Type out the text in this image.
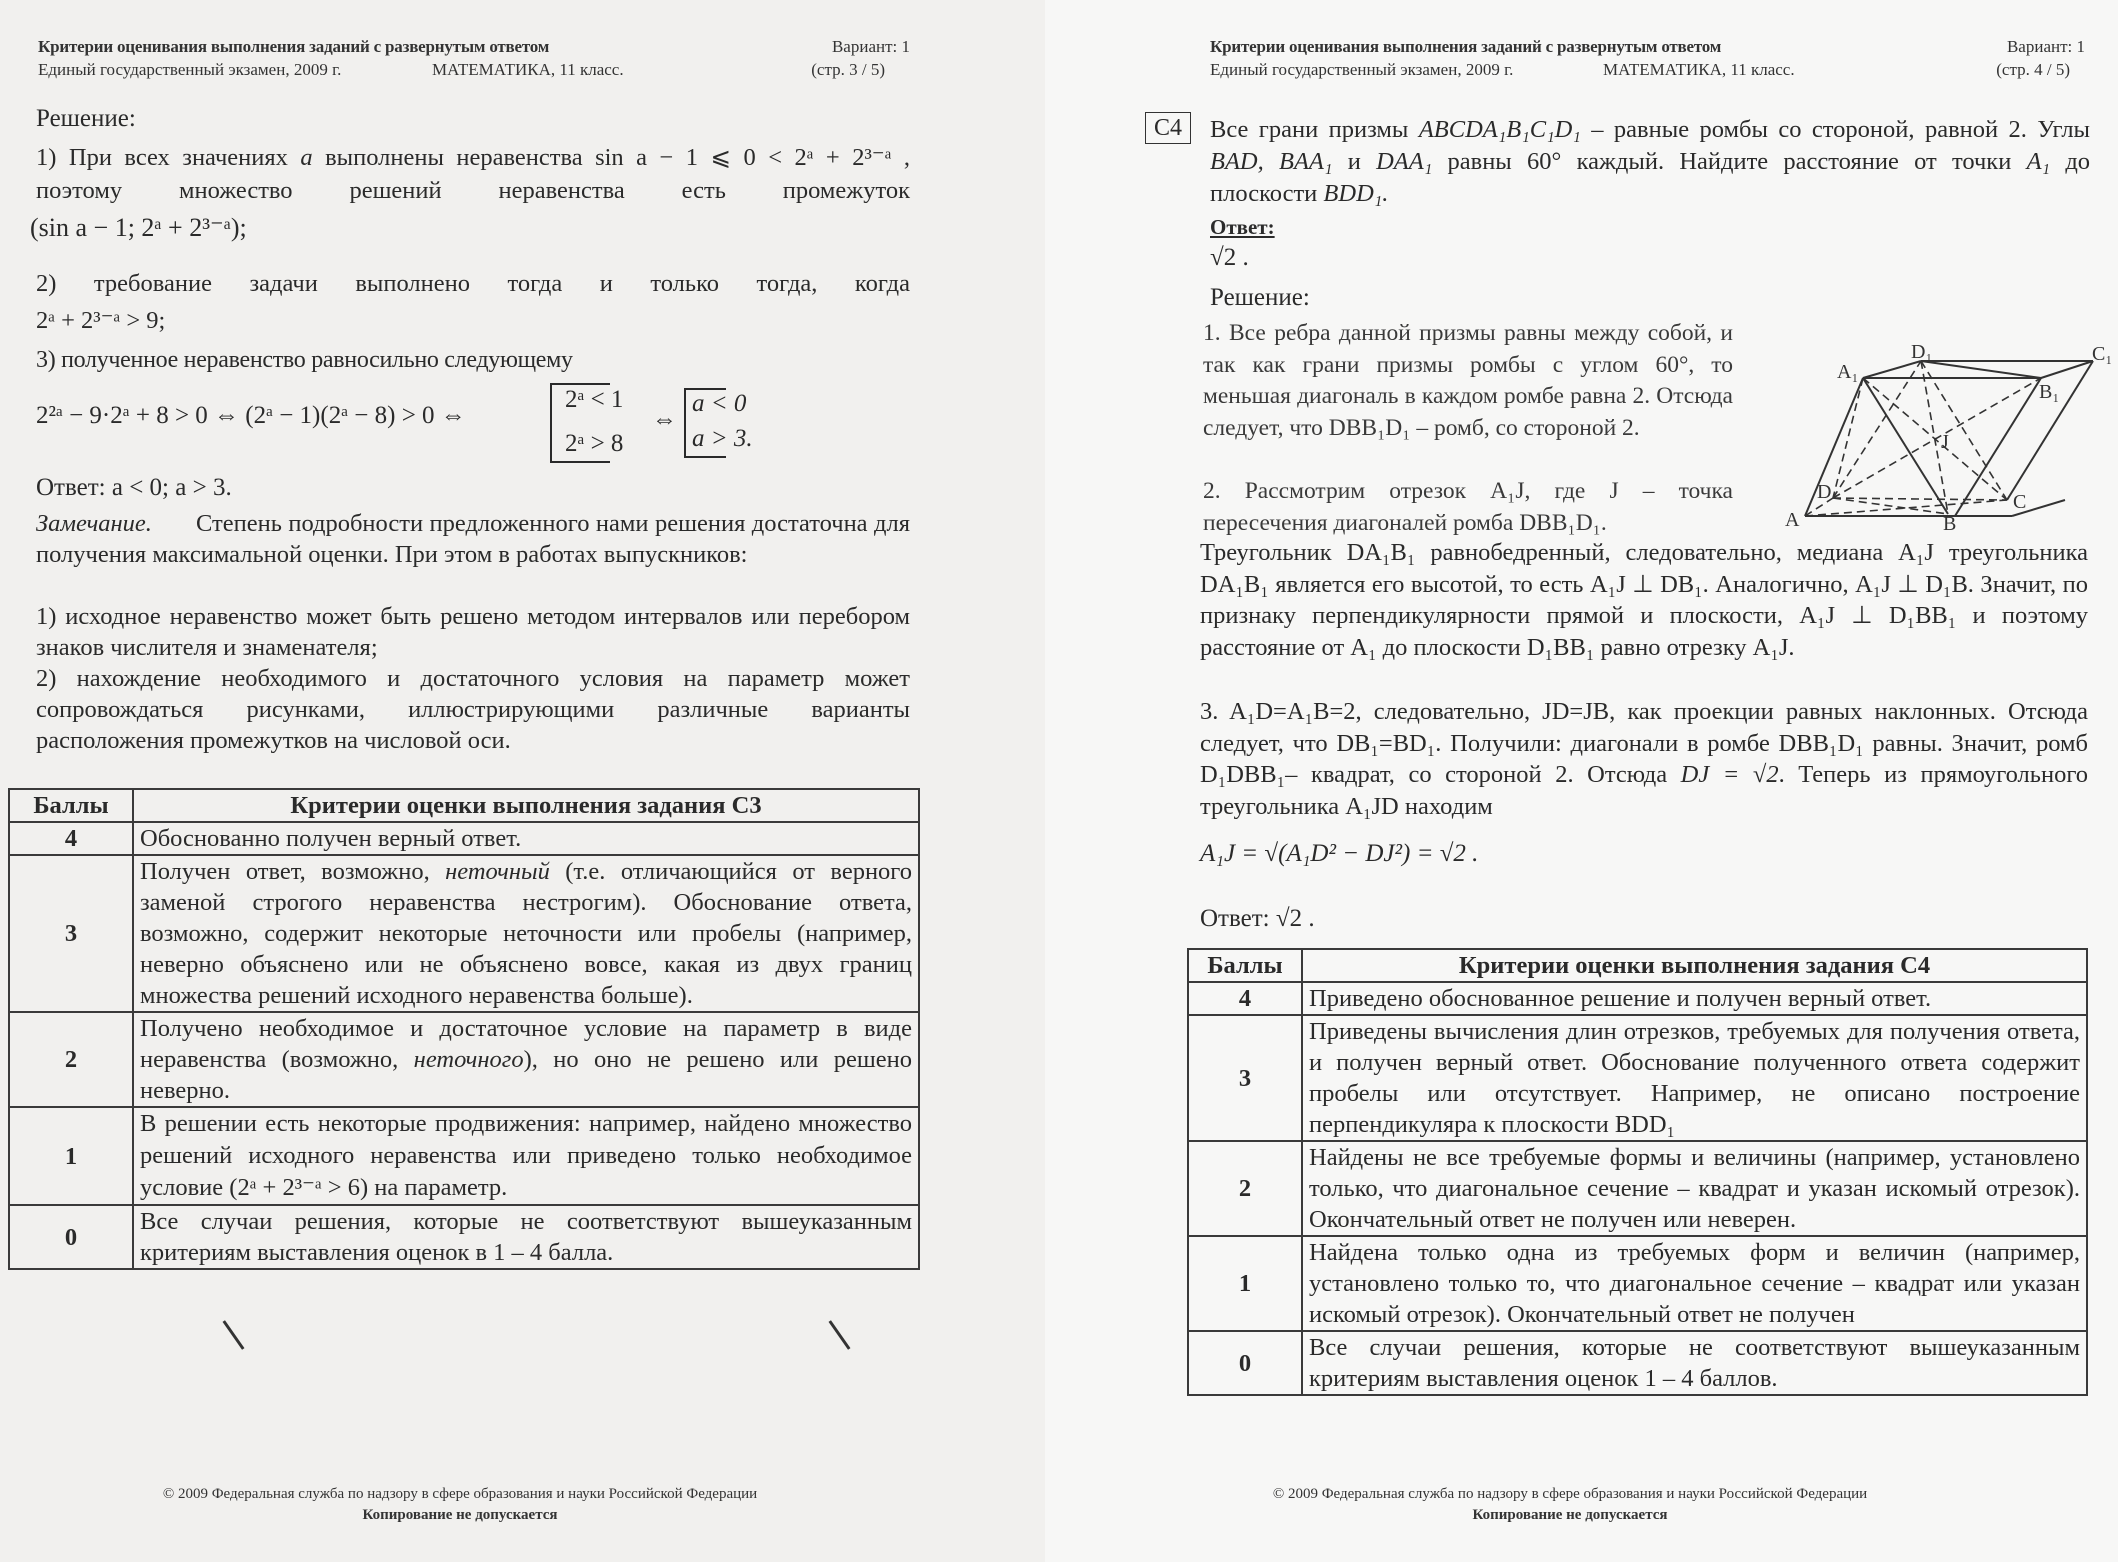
Критерии оценивания выполнения заданий с развернутым ответом	Вариант: 1
Единый государственный экзамен, 2009 г.	МАТЕМАТИКА, 11 класс.	(стр. 3 / 5)
Решение:
1) При всех значениях a выполнены неравенства sin a − 1 ⩽ 0 < 2ᵃ + 2³⁻ᵃ ,
поэтому множество решений неравенства есть промежуток
(sin a − 1; 2ᵃ + 2³⁻ᵃ);
2) требование задачи выполнено тогда и только тогда, когда
2ᵃ + 2³⁻ᵃ > 9;
3) полученное неравенство равносильно следующему
2²ᵃ − 9·2ᵃ + 8 > 0 ⇔ (2ᵃ − 1)(2ᵃ − 8) > 0 ⇔
2ᵃ < 1
2ᵃ > 8
⇔
a < 0
a > 3.
Ответ: a < 0; a > 3.
Замечание.	Степень подробности предложенного нами решения достаточна для получения максимальной оценки. При этом в работах выпускников:
1) исходное неравенство может быть решено методом интервалов или перебором знаков числителя и знаменателя;
2) нахождение необходимого и достаточного условия на параметр может сопровождаться рисунками, иллюстрирующими различные варианты расположения промежутков на числовой оси.
Баллы	Критерии оценки выполнения задания С3
4	Обоснованно получен верный ответ.
3	Получен ответ, возможно, неточный (т.е. отличающийся от верного заменой строгого неравенства нестрогим). Обоснование ответа, возможно, содержит некоторые неточности или пробелы (например, неверно объяснено или не объяснено вовсе, какая из двух границ множества решений исходного неравенства больше).
2	Получено необходимое и достаточное условие на параметр в виде неравенства (возможно, неточного), но оно не решено или решено неверно.
1	В решении есть некоторые продвижения: например, найдено множество решений исходного неравенства или приведено только необходимое условие (2ᵃ + 2³⁻ᵃ > 6) на параметр.
0	Все случаи решения, которые не соответствуют вышеуказанным критериям выставления оценок в 1 – 4 балла.
© 2009 Федеральная служба по надзору в сфере образования и науки Российской Федерации
Копирование не допускается
Критерии оценивания выполнения заданий с развернутым ответом	Вариант: 1
Единый государственный экзамен, 2009 г.	МАТЕМАТИКА, 11 класс.	(стр. 4 / 5)
С4	Все грани призмы ABCDA₁B₁C₁D₁ – равные ромбы со стороной, равной 2. Углы BAD, BAA₁ и DAA₁ равны 60° каждый. Найдите расстояние от точки A₁ до плоскости BDD₁.
Ответ:
√2 .
Решение:
1. Все ребра данной призмы равны между собой, и так как грани призмы ромбы с углом 60°, то меньшая диагональ в каждом ромбе равна 2. Отсюда следует, что DBB₁D₁ – ромб, со стороной 2.
2. Рассмотрим отрезок A₁J, где J – точка пересечения диагоналей ромба DBB₁D₁.
Треугольник DA₁B₁ равнобедренный, следовательно, медиана A₁J треугольника DA₁B₁ является его высотой, то есть A₁J ⊥ DB₁. Аналогично, A₁J ⊥ D₁B. Значит, по признаку перпендикулярности прямой и плоскости, A₁J ⊥ D₁BB₁ и поэтому расстояние от A₁ до плоскости D₁BB₁ равно отрезку A₁J.
3. A₁D=A₁B=2, следовательно, JD=JB, как проекции равных наклонных. Отсюда следует, что DB₁=BD₁. Получили: диагонали в ромбе DBB₁D₁ равны. Значит, ромб D₁DBB₁– квадрат, со стороной 2. Отсюда DJ = √2. Теперь из прямоугольного треугольника A₁JD находим
A₁J = √(A₁D² − DJ²) = √2 .
Ответ: √2 .
A	B
C
D
A₁
B₁
C₁
D₁
J
Баллы	Критерии оценки выполнения задания С4
4	Приведено обоснованное решение и получен верный ответ.
3	Приведены вычисления длин отрезков, требуемых для получения ответа, и получен верный ответ. Обоснование полученного ответа содержит пробелы или отсутствует. Например, не описано построение перпендикуляра к плоскости BDD₁
2	Найдены не все требуемые формы и величины (например, установлено только, что диагональное сечение – квадрат и указан искомый отрезок). Окончательный ответ не получен или неверен.
1	Найдена только одна из требуемых форм и величин (например, установлено только то, что диагональное сечение – квадрат или указан искомый отрезок). Окончательный ответ не получен
0	Все случаи решения, которые не соответствуют вышеуказанным критериям выставления оценок 1 – 4 баллов.
© 2009 Федеральная служба по надзору в сфере образования и науки Российской Федерации
Копирование не допускается
